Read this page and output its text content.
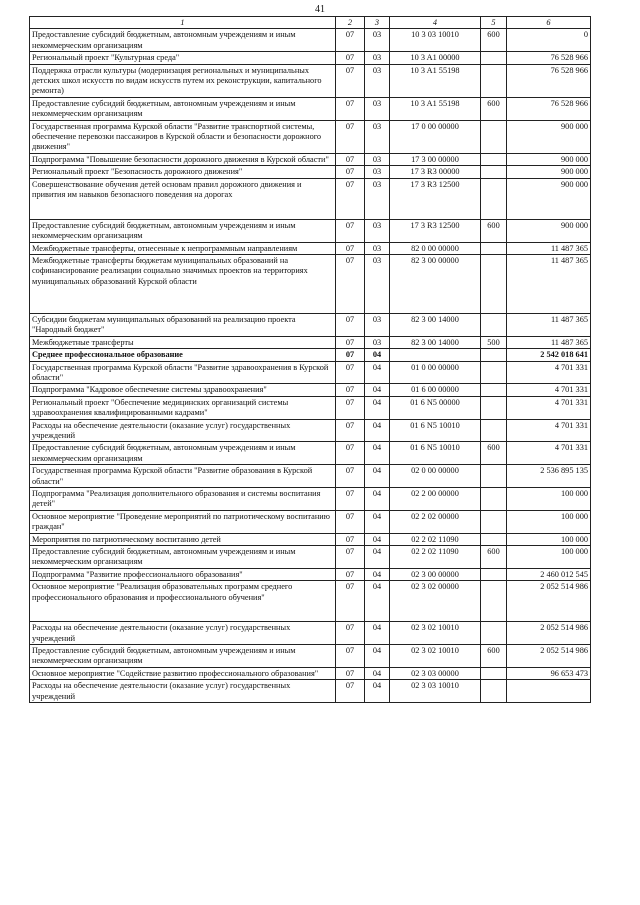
41
1	2	3	4	5	6
Предоставление субсидий бюджетным, автономным учреждениям и иным некоммерческим организациям	07	03	10 3 03 10010	600	0
Региональный проект "Культурная среда"	07	03	10 3 A1 00000		76 528 966
Поддержка отрасли культуры (модернизация региональных и муниципальных детских школ искусств по видам искусств путем их реконструкции, капитального ремонта)	07	03	10 3 A1 55198		76 528 966
Предоставление субсидий бюджетным, автономным учреждениям и иным некоммерческим организациям	07	03	10 3 A1 55198	600	76 528 966
Государственная программа Курской области "Развитие транспортной системы, обеспечение перевозки пассажиров в Курской области и безопасности дорожного движения"	07	03	17 0 00 00000		900 000
Подпрограмма "Повышение безопасности дорожного движения в Курской области"	07	03	17 3 00 00000		900 000
Региональный проект "Безопасность дорожного движения"	07	03	17 3 R3 00000		900 000
Совершенствование обучения детей основам правил дорожного движения и привития им навыков безопасного поведения на дорогах	07	03	17 3 R3 12500		900 000
Предоставление субсидий бюджетным, автономным учреждениям и иным некоммерческим организациям	07	03	17 3 R3 12500	600	900 000
Межбюджетные трансферты, отнесенные к непрограммным направлениям	07	03	82 0 00 00000		11 487 365
Межбюджетные трансферты бюджетам муниципальных образований на софинансирование реализации социально значимых проектов на территориях муниципальных образований Курской области	07	03	82 3 00 00000		11 487 365
Субсидии бюджетам муниципальных образований на реализацию проекта "Народный бюджет"	07	03	82 3 00 14000		11 487 365
Межбюджетные трансферты	07	03	82 3 00 14000	500	11 487 365
Среднее профессиональное образование	07	04			2 542 018 641
Государственная программа Курской области "Развитие здравоохранения в Курской области"	07	04	01 0 00 00000		4 701 331
Подпрограмма "Кадровое обеспечение системы здравоохранения"	07	04	01 6 00 00000		4 701 331
Региональный проект "Обеспечение медицинских организаций системы здравоохранения квалифицированными кадрами"	07	04	01 6 N5 00000		4 701 331
Расходы на обеспечение деятельности (оказание услуг) государственных учреждений	07	04	01 6 N5 10010		4 701 331
Предоставление субсидий бюджетным, автономным учреждениям и иным некоммерческим организациям	07	04	01 6 N5 10010	600	4 701 331
Государственная программа Курской области "Развитие образования в Курской области"	07	04	02 0 00 00000		2 536 895 135
Подпрограмма "Реализация дополнительного образования и системы воспитания детей"	07	04	02 2 00 00000		100 000
Основное мероприятие "Проведение мероприятий по патриотическому воспитанию граждан"	07	04	02 2 02 00000		100 000
Мероприятия по патриотическому воспитанию детей	07	04	02 2 02 11090		100 000
Предоставление субсидий бюджетным, автономным учреждениям и иным некоммерческим организациям	07	04	02 2 02 11090	600	100 000
Подпрограмма "Развитие профессионального образования"	07	04	02 3 00 00000		2 460 012 545
Основное мероприятие "Реализация образовательных программ среднего профессионального образования и профессионального обучения"	07	04	02 3 02 00000		2 052 514 986
Расходы на обеспечение деятельности (оказание услуг) государственных учреждений	07	04	02 3 02 10010		2 052 514 986
Предоставление субсидий бюджетным, автономным учреждениям и иным некоммерческим организациям	07	04	02 3 02 10010	600	2 052 514 986
Основное мероприятие "Содействие развитию профессионального образования"	07	04	02 3 03 00000		96 653 473
Расходы на обеспечение деятельности (оказание услуг) государственных учреждений	07	04	02 3 03 10010		
